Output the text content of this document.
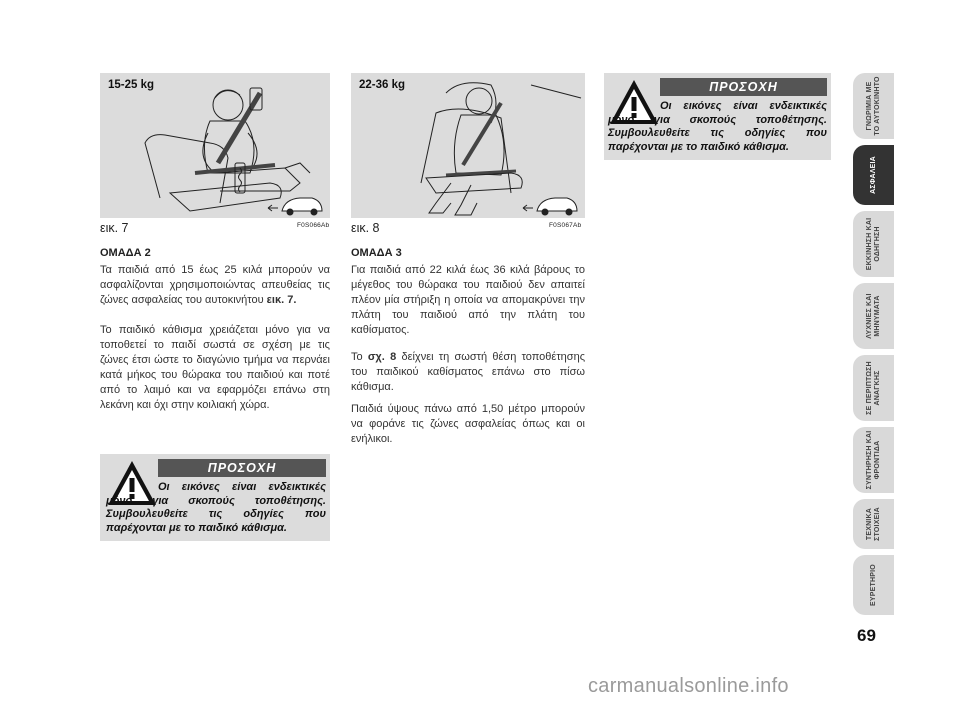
15-25 kg
εικ. 7	F0S066Ab
22-36 kg
εικ. 8	F0S067Ab
ΟΜΑΔΑ 2

Τα παιδιά από 15 έως 25 κιλά μπορούν να ασφαλίζονται χρησιμοποιώντας απευθείας τις ζώνες ασφαλείας του αυτοκινήτου εικ. 7.

Το παιδικό κάθισμα χρειάζεται μόνο για να τοποθετεί το παιδί σωστά σε σχέση με τις ζώνες έτσι ώστε το διαγώνιο τμήμα να περνάει κατά μήκος του θώρακα του παιδιού και ποτέ από το λαιμό και να εφαρμόζει επάνω στη λεκάνη και όχι στην κοιλιακή χώρα.

ΟΜΑΔΑ 3

Για παιδιά από 22 κιλά έως 36 κιλά βάρους το μέγεθος του θώρακα του παιδιού δεν απαιτεί πλέον μία στήριξη η οποία να απομακρύνει την πλάτη του παιδιού από την πλάτη του καθίσματος.

Το σχ. 8 δείχνει τη σωστή θέση τοποθέτησης του παιδικού καθίσματος επάνω στο πίσω κάθισμα.

Παιδιά ύψους πάνω από 1,50 μέτρο μπορούν να φοράνε τις ζώνες ασφαλείας όπως και οι ενήλικοι.

ΠΡΟΣΟΧΗ

Οι εικόνες είναι ενδεικτικές μόνο για σκοπούς τοποθέτησης. Συμβουλευθείτε τις οδηγίες που παρέχονται με το παιδικό κάθισμα.

ΠΡΟΣΟΧΗ

Οι εικόνες είναι ενδεικτικές μόνο για σκοπούς τοποθέτησης. Συμβουλευθείτε τις οδηγίες που παρέχονται με το παιδικό κάθισμα.

ΓΝΩΡΙΜΙΑ ΜΕ ΤΟ ΑΥΤΟΚΙΝΗΤΟ
ΑΣΦΑΛΕΙΑ
ΕΚΚΙΝΗΣΗ ΚΑΙ ΟΔΗΓΗΣΗ
ΛΥΧΝΙΕΣ ΚΑΙ ΜΗΝΥΜΑΤΑ
ΣΕ ΠΕΡΙΠΤΩΣΗ ΑΝΑΓΚΗΣ
ΣΥΝΤΗΡΗΣΗ ΚΑΙ ΦΡΟΝΤΙΔΑ
ΤΕΧΝΙΚΑ ΣΤΟΙΧΕΙΑ
ΕΥΡΕΤΗΡΙΟ
69
carmanualsonline.info
